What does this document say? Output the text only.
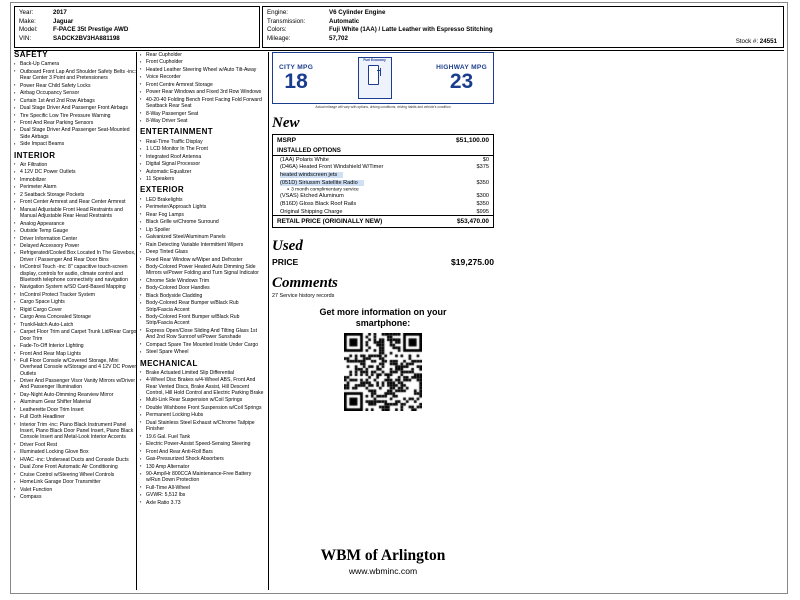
Year:	2017
Make:	Jaguar
Model: F-PACE 35t Prestige AWD
VIN:	SADCK2BV3HA881198
Engine:	V6 Cylinder Engine
Transmission:	Automatic
Colors:	Fuji White (1AA) / Latte Leather with Espresso Stitching
Mileage:	57,702	Stock #: 24551
SAFETY
▪ Back-Up Camera
▪ Outboard Front Lap And Shoulder Safety Belts -inc: Rear Center 3 Point and Pretensioners
▪ Power Rear Child Safety Locks
▪ Airbag Occupancy Sensor
▪ Curtain 1st And 2nd Row Airbags
▪ Dual Stage Driver And Passenger Front Airbags
▪ Tire Specific Low Tire Pressure Warning
▪ Front And Rear Parking Sensors
▪ Dual Stage Driver And Passenger Seat-Mounted Side Airbags
▪ Side Impact Beams
INTERIOR
▪ Air Filtration
▪ 4 12V DC Power Outlets
▪ Immobilizer
▪ Perimeter Alarm
▪ 2 Seatback Storage Pockets
▪ Front Center Armrest and Rear Center Armrest
▪ Manual Adjustable Front Head Restraints and Manual Adjustable Rear Head Restraints
▪ Analog Appearance
▪ Outside Temp Gauge
▪ Driver Information Center
▪ Delayed Accessory Power
▪ Refrigerated/Cooled Box Located In The Glovebox, Driver / Passenger And Rear Door Bins
▪ InControl Touch -inc: 8" capacitive touch-screen display, controls for audio, climate control and Bluetooth telephone connectivity and navigation
▪ Navigation System w/SD Card-Based Mapping
▪ InControl Protect Tracker System
▪ Cargo Space Lights
▪ Rigid Cargo Cover
▪ Cargo Area Concealed Storage
▪ Trunk/Hatch Auto-Latch
▪ Carpet Floor Trim and Carpet Trunk Lid/Rear Cargo Door Trim
▪ Fade-To-Off Interior Lighting
▪ Front And Rear Map Lights
▪ Full Floor Console w/Covered Storage, Mini Overhead Console w/Storage and 4 12V DC Power Outlets
▪ Driver And Passenger Visor Vanity Mirrors w/Driver And Passenger Illumination
▪ Day-Night Auto-Dimming Rearview Mirror
▪ Aluminum Gear Shifter Material
▪ Leatherette Door Trim Insert
▪ Full Cloth Headliner
▪ Interior Trim -inc: Piano Black Instrument Panel Insert, Piano Black Door Panel Insert, Piano Black Console Insert and Metal-Look Interior Accents
▪ Driver Foot Rest
▪ Illuminated Locking Glove Box
▪ HVAC -inc: Underseat Ducts and Console Ducts
▪ Dual Zone Front Automatic Air Conditioning
▪ Cruise Control w/Steering Wheel Controls
▪ HomeLink Garage Door Transmitter
▪ Valet Function
▪ Compass
▪ Rear Cupholder
▪ Front Cupholder
▪ Heated Leather Steering Wheel w/Auto Tilt-Away
▪ Voice Recorder
▪ Front Centre Armrest Storage
▪ Power Rear Windows and Fixed 3rd Row Windows
▪ 40-20-40 Folding Bench Front Facing Fold Forward Seatback Rear Seat
▪ 8-Way Passenger Seat
▪ 8-Way Driver Seat
ENTERTAINMENT
▪ Real-Time Traffic Display
▪ 1 LCD Monitor In The Front
▪ Integrated Roof Antenna
▪ Digital Signal Processor
▪ Automatic Equalizer
▪ 11 Speakers
EXTERIOR
▪ LED Brakelights
▪ Perimeter/Approach Lights
▪ Rear Fog Lamps
▪ Black Grille w/Chrome Surround
▪ Lip Spoiler
▪ Galvanized Steel/Aluminum Panels
▪ Rain Detecting Variable Intermittent Wipers
▪ Deep Tinted Glass
▪ Fixed Rear Window w/Wiper and Defroster
▪ Body-Colored Power Heated Auto Dimming Side Mirrors w/Power Folding and Turn Signal Indicator
▪ Chrome Side Windows Trim
▪ Body-Colored Door Handles
▪ Black Bodyside Cladding
▪ Body-Colored Rear Bumper w/Black Rub Strip/Fascia Accent
▪ Body-Colored Front Bumper w/Black Rub Strip/Fascia Accent
▪ Express Open/Close Sliding And Tilting Glass 1st And 2nd Row Sunroof w/Power Sunshade
▪ Compact Spare Tire Mounted Inside Under Cargo
▪ Steel Spare Wheel
MECHANICAL
▪ Brake Actuated Limited Slip Differential
▪ 4-Wheel Disc Brakes w/4-Wheel ABS, Front And Rear Vented Discs, Brake Assist, Hill Descent Control, Hill Hold Control and Electric Parking Brake
▪ Multi-Link Rear Suspension w/Coil Springs
▪ Double Wishbone Front Suspension w/Coil Springs
▪ Permanent Locking Hubs
▪ Dual Stainless Steel Exhaust w/Chrome Tailpipe Finisher
▪ 19.6 Gal. Fuel Tank
▪ Electric Power-Assist Speed-Sensing Steering
▪ Front And Rear Anti-Roll Bars
▪ Gas-Pressurized Shock Absorbers
▪ 130 Amp Alternator
▪ 90-Amp/Hr 800CCA Maintenance-Free Battery w/Run Down Protection
▪ Full-Time All-Wheel
▪ GVWR: 5,512 lbs
▪ Axle Ratio 3.73
CITY MPG
18
Fuel Economy
HIGHWAY MPG
23
Actual mileage will vary with options, driving conditions, driving habits and vehicle's condition
New
MSRP	$51,100.00
INSTALLED OPTIONS
(1AA) Polaris White	$0
(D46A) Heated Front Windshield W/Timer	$375
heated windscreen jets
(051D) Siriusxm Satellite Radio	$350
● 3 month complimentary service
(VSAS) Etched Aluminum	$300
(B16D) Gloss Black Roof Rails	$350
Original Shipping Charge	$995
RETAIL PRICE (ORIGINALLY NEW)	$53,470.00
Used
PRICE	$19,275.00
Comments
27 Service history records
Get more information on your
smartphone:
WBM of Arlington
www.wbminc.com
